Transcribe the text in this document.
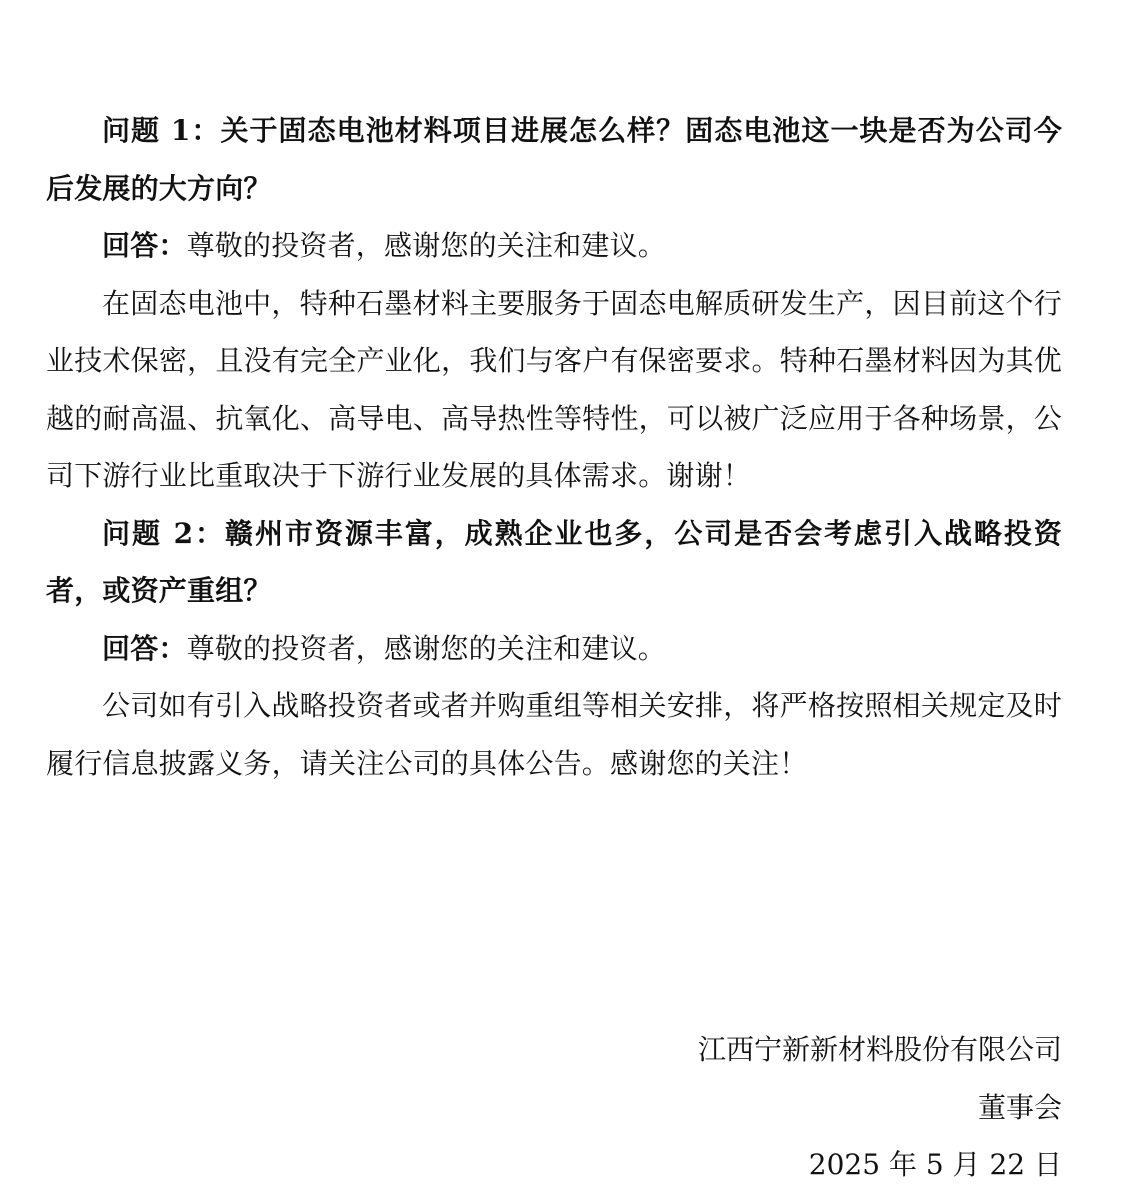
问题 1：关于固态电池材料项目进展怎么样？固态电池这一块是否为公司今后发展的大方向？

回答：尊敬的投资者，感谢您的关注和建议。

在固态电池中，特种石墨材料主要服务于固态电解质研发生产，因目前这个行业技术保密，且没有完全产业化，我们与客户有保密要求。特种石墨材料因为其优越的耐高温、抗氧化、高导电、高导热性等特性，可以被广泛应用于各种场景，公司下游行业比重取决于下游行业发展的具体需求。谢谢！

问题 2：赣州市资源丰富，成熟企业也多，公司是否会考虑引入战略投资者，或资产重组？

回答：尊敬的投资者，感谢您的关注和建议。

公司如有引入战略投资者或者并购重组等相关安排，将严格按照相关规定及时履行信息披露义务，请关注公司的具体公告。感谢您的关注！

江西宁新新材料股份有限公司
董事会
2025 年 5 月 22 日
